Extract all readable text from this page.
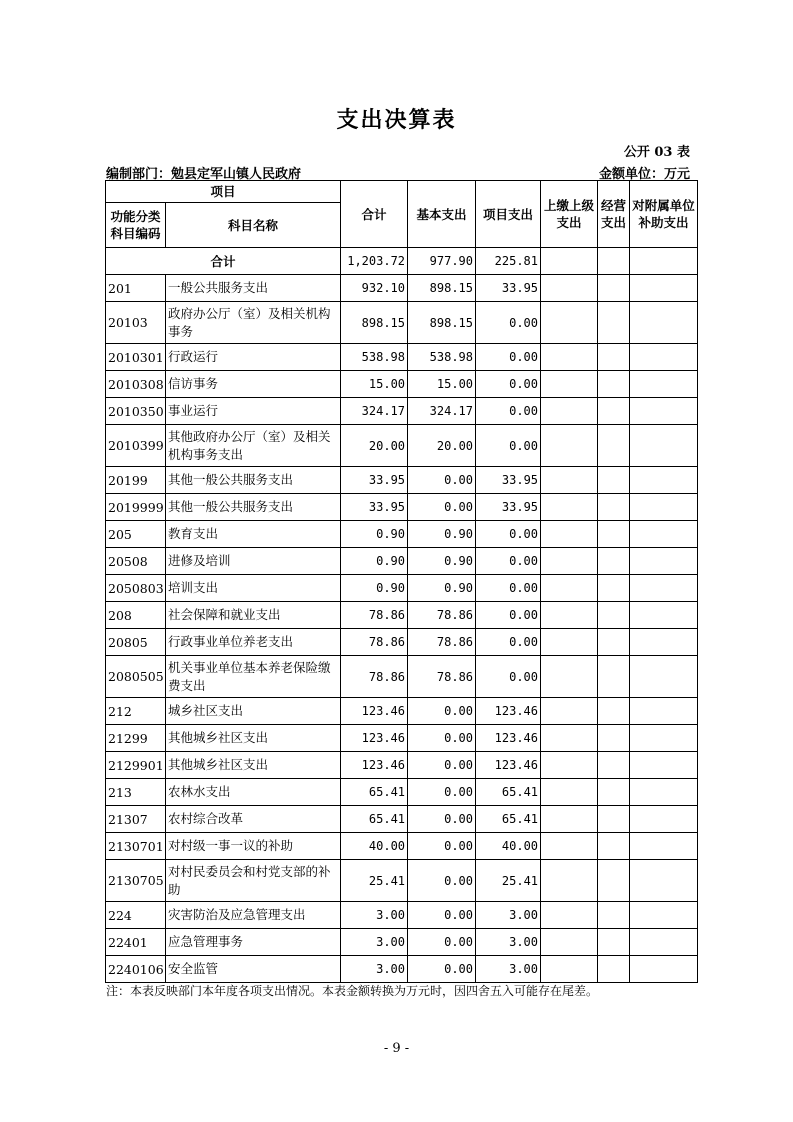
支出决算表
公开 03 表
编制部门：勉县定军山镇人民政府	金额单位：万元
项目		合计	基本支出	项目支出	上缴上级支出	经营支出	对附属单位补助支出
功能分类科目编码	科目名称						
合计		1,203.72	977.90	225.81			
201	一般公共服务支出	932.10	898.15	33.95			
20103	政府办公厅（室）及相关机构事务	898.15	898.15	0.00			
2010301	行政运行	538.98	538.98	0.00			
2010308	信访事务	15.00	15.00	0.00			
2010350	事业运行	324.17	324.17	0.00			
2010399	其他政府办公厅（室）及相关机构事务支出	20.00	20.00	0.00			
20199	其他一般公共服务支出	33.95	0.00	33.95			
2019999	其他一般公共服务支出	33.95	0.00	33.95			
205	教育支出	0.90	0.90	0.00			
20508	进修及培训	0.90	0.90	0.00			
2050803	培训支出	0.90	0.90	0.00			
208	社会保障和就业支出	78.86	78.86	0.00			
20805	行政事业单位养老支出	78.86	78.86	0.00			
2080505	机关事业单位基本养老保险缴费支出	78.86	78.86	0.00			
212	城乡社区支出	123.46	0.00	123.46			
21299	其他城乡社区支出	123.46	0.00	123.46			
2129901	其他城乡社区支出	123.46	0.00	123.46			
213	农林水支出	65.41	0.00	65.41			
21307	农村综合改革	65.41	0.00	65.41			
2130701	对村级一事一议的补助	40.00	0.00	40.00			
2130705	对村民委员会和村党支部的补助	25.41	0.00	25.41			
224	灾害防治及应急管理支出	3.00	0.00	3.00			
22401	应急管理事务	3.00	0.00	3.00			
2240106	安全监管	3.00	0.00	3.00			
注：本表反映部门本年度各项支出情况。本表金额转换为万元时，因四舍五入可能存在尾差。
- 9 -
